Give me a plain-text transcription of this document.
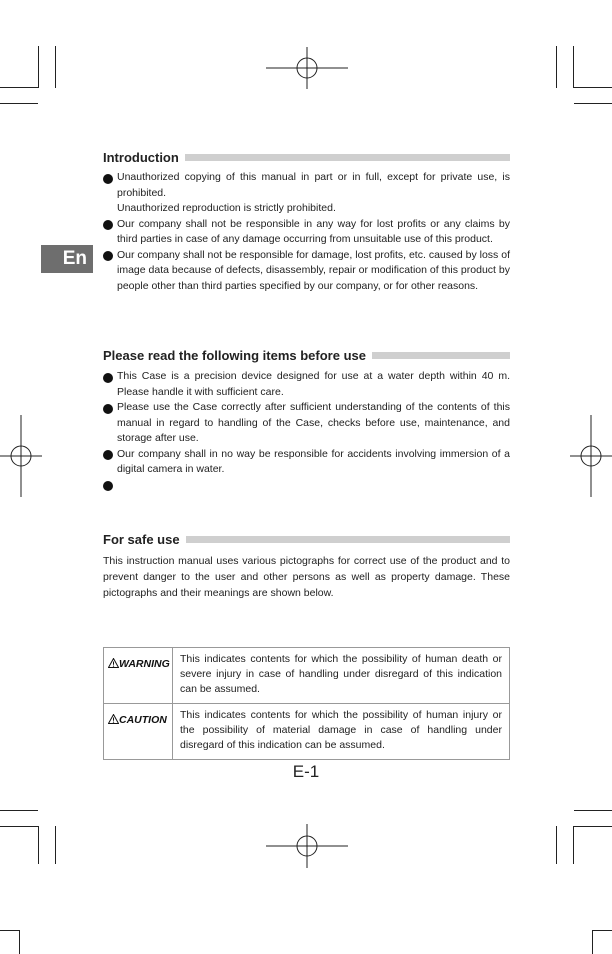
En
Introduction
Unauthorized copying of this manual in part or in full, except for private use, is prohibited.
Unauthorized reproduction is strictly prohibited.
Our company shall not be responsible in any way for lost profits or any claims by third parties in case of any damage occurring from unsuitable use of this product.
Our company shall not be responsible for damage, lost profits, etc. caused by loss of image data because of defects, disassembly, repair or modification of this product by people other than third parties specified by our company, or for other reasons.
Please read the following items before use
This Case is a precision device designed for use at a water depth within 40 m. Please handle it with sufficient care.
Please use the Case correctly after sufficient understanding of the contents of this manual in regard to handling of the Case, checks before use, maintenance, and storage after use.
Our company shall in no way be responsible for accidents involving immersion of a digital camera in water.
For safe use
This instruction manual uses various pictographs for correct use of the product and to prevent danger to the user and other persons as well as property damage. These pictographs and their meanings are shown below.
WARNING	This indicates contents for which the possibility of human death or severe injury in case of handling under disregard of this indication can be assumed.
CAUTION	This indicates contents for which the possibility of human injury or the possibility of material damage in case of handling under disregard of this indication can be assumed.
E-1
